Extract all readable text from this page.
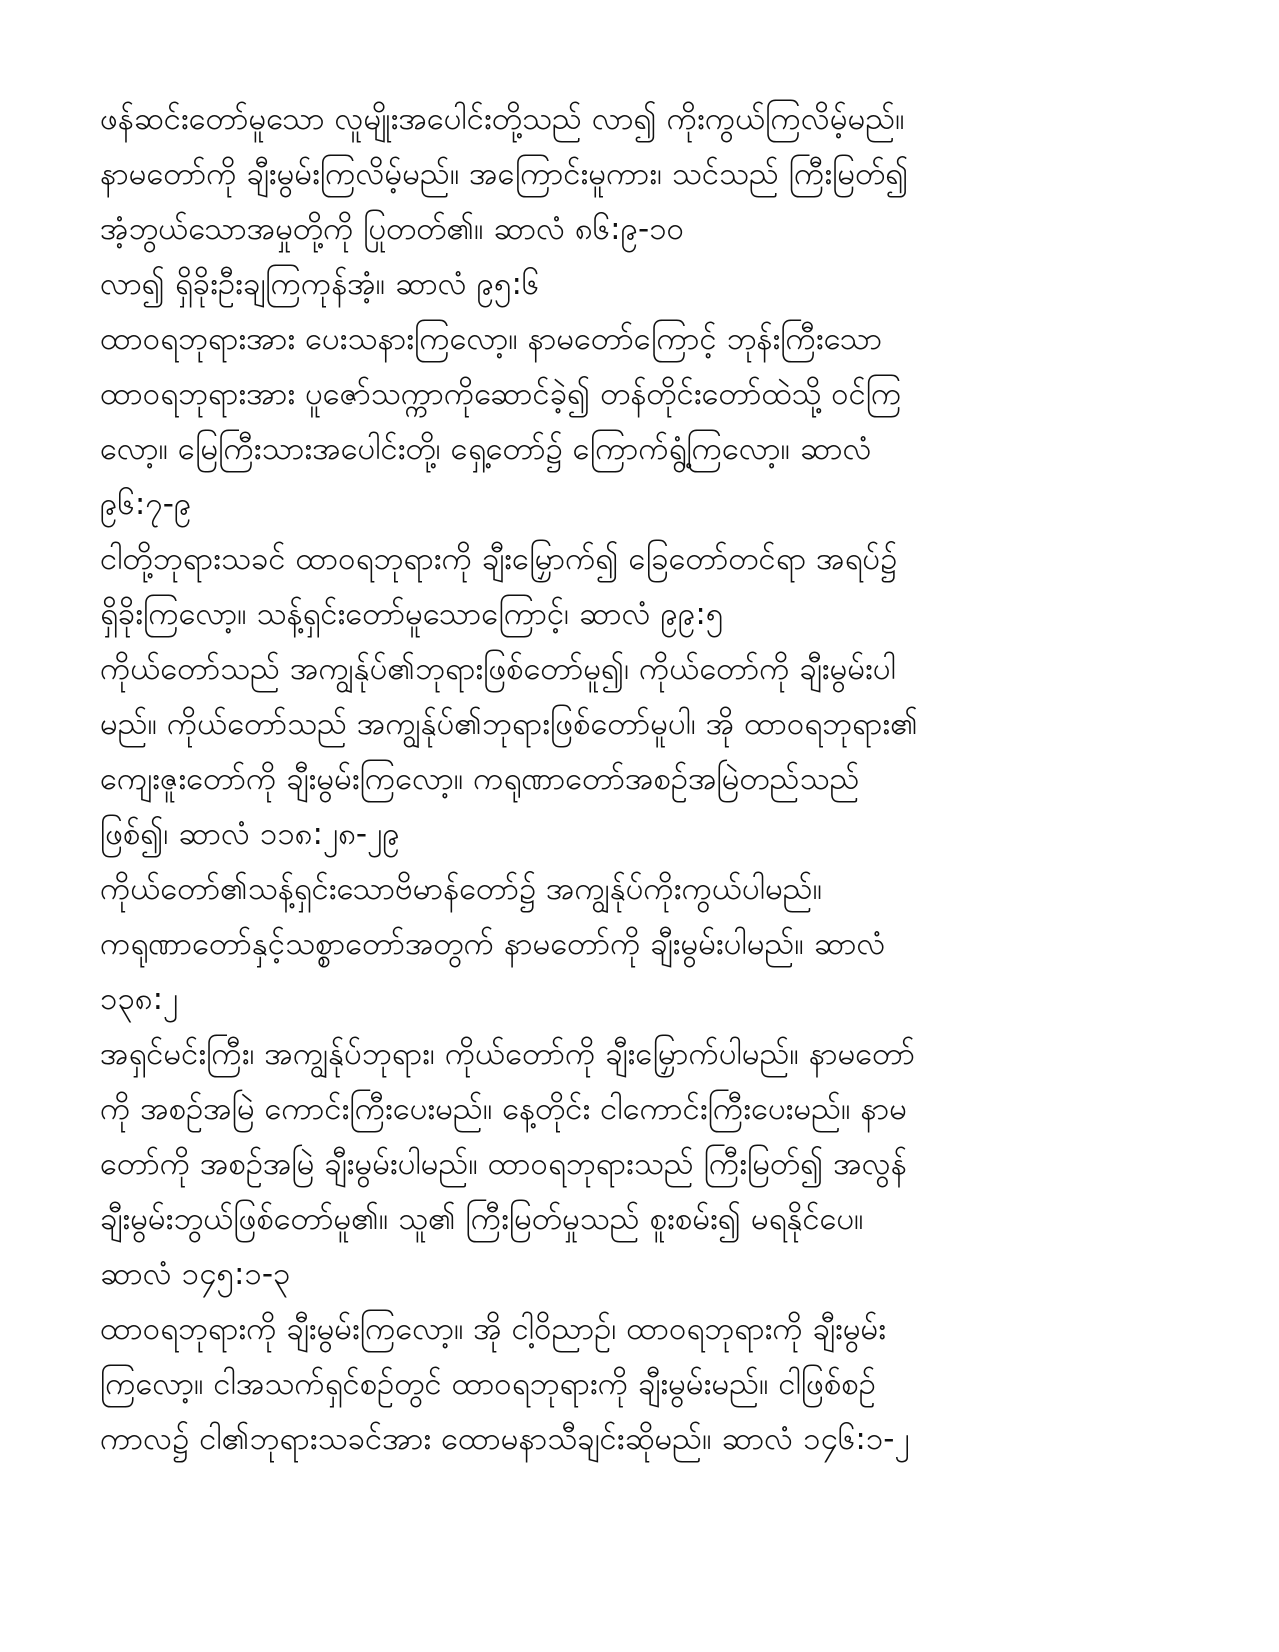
ဖန်ဆင်းတော်မူသော လူမျိုးအပေါင်းတို့သည် လာ၍ ကိုးကွယ်ကြလိမ့်မည်။
နာမတော်ကို ချီးမွမ်းကြလိမ့်မည်။ အကြောင်းမူကား၊ သင်သည် ကြီးမြတ်၍
အံ့ဘွယ်သောအမှုတို့ကို ပြုတတ်၏။ ဆာလံ ၈၆:၉-၁၀
လာ၍ ရှိခိုးဦးချကြကုန်အံ့။ ဆာလံ ၉၅:၆
ထာဝရဘုရားအား ပေးသနားကြလော့။ နာမတော်ကြောင့် ဘုန်းကြီးသော
ထာဝရဘုရားအား ပူဇော်သက္ကာကိုဆောင်ခဲ့၍ တန်တိုင်းတော်ထဲသို့ ဝင်ကြ
လော့။ မြေကြီးသားအပေါင်းတို့၊ ရှေ့တော်၌ ကြောက်ရွံ့ကြလော့။ ဆာလံ
၉၆:၇-၉
ငါတို့ဘုရားသခင် ထာဝရဘုရားကို ချီးမြှောက်၍ ခြေတော်တင်ရာ အရပ်၌
ရှိခိုးကြလော့။ သန့်ရှင်းတော်မူသောကြောင့်၊ ဆာလံ ၉၉:၅
ကိုယ်တော်သည် အကျွန်ုပ်၏ဘုရားဖြစ်တော်မူ၍၊ ကိုယ်တော်ကို ချီးမွမ်းပါ
မည်။ ကိုယ်တော်သည် အကျွန်ုပ်၏ဘုရားဖြစ်တော်မူပါ၊ အို ထာဝရဘုရား၏
ကျေးဇူးတော်ကို ချီးမွမ်းကြလော့။ ကရုဏာတော်အစဉ်အမြဲတည်သည်
ဖြစ်၍၊ ဆာလံ ၁၁၈:၂၈-၂၉
ကိုယ်တော်၏သန့်ရှင်းသောဗိမာန်တော်၌ အကျွန်ုပ်ကိုးကွယ်ပါမည်။
ကရုဏာတော်နှင့်သစ္စာတော်အတွက် နာမတော်ကို ချီးမွမ်းပါမည်။ ဆာလံ
၁၃၈:၂
အရှင်မင်းကြီး၊ အကျွန်ုပ်ဘုရား၊ ကိုယ်တော်ကို ချီးမြှောက်ပါမည်။ နာမတော်
ကို အစဉ်အမြဲ ကောင်းကြီးပေးမည်။ နေ့တိုင်း ငါကောင်းကြီးပေးမည်။ နာမ
တော်ကို အစဉ်အမြဲ ချီးမွမ်းပါမည်။ ထာဝရဘုရားသည် ကြီးမြတ်၍ အလွန်
ချီးမွမ်းဘွယ်ဖြစ်တော်မူ၏။ သူ၏ ကြီးမြတ်မှုသည် စူးစမ်း၍ မရနိုင်ပေ။
ဆာလံ ၁၄၅:၁-၃
ထာဝရဘုရားကို ချီးမွမ်းကြလော့။ အို ငါ့ဝိညာဉ်၊ ထာဝရဘုရားကို ချီးမွမ်း
ကြလော့။ ငါအသက်ရှင်စဉ်တွင် ထာဝရဘုရားကို ချီးမွမ်းမည်။ ငါဖြစ်စဉ်
ကာလ၌ ငါ၏ဘုရားသခင်အား ထောမနာသီချင်းဆိုမည်။ ဆာလံ ၁၄၆:၁-၂
